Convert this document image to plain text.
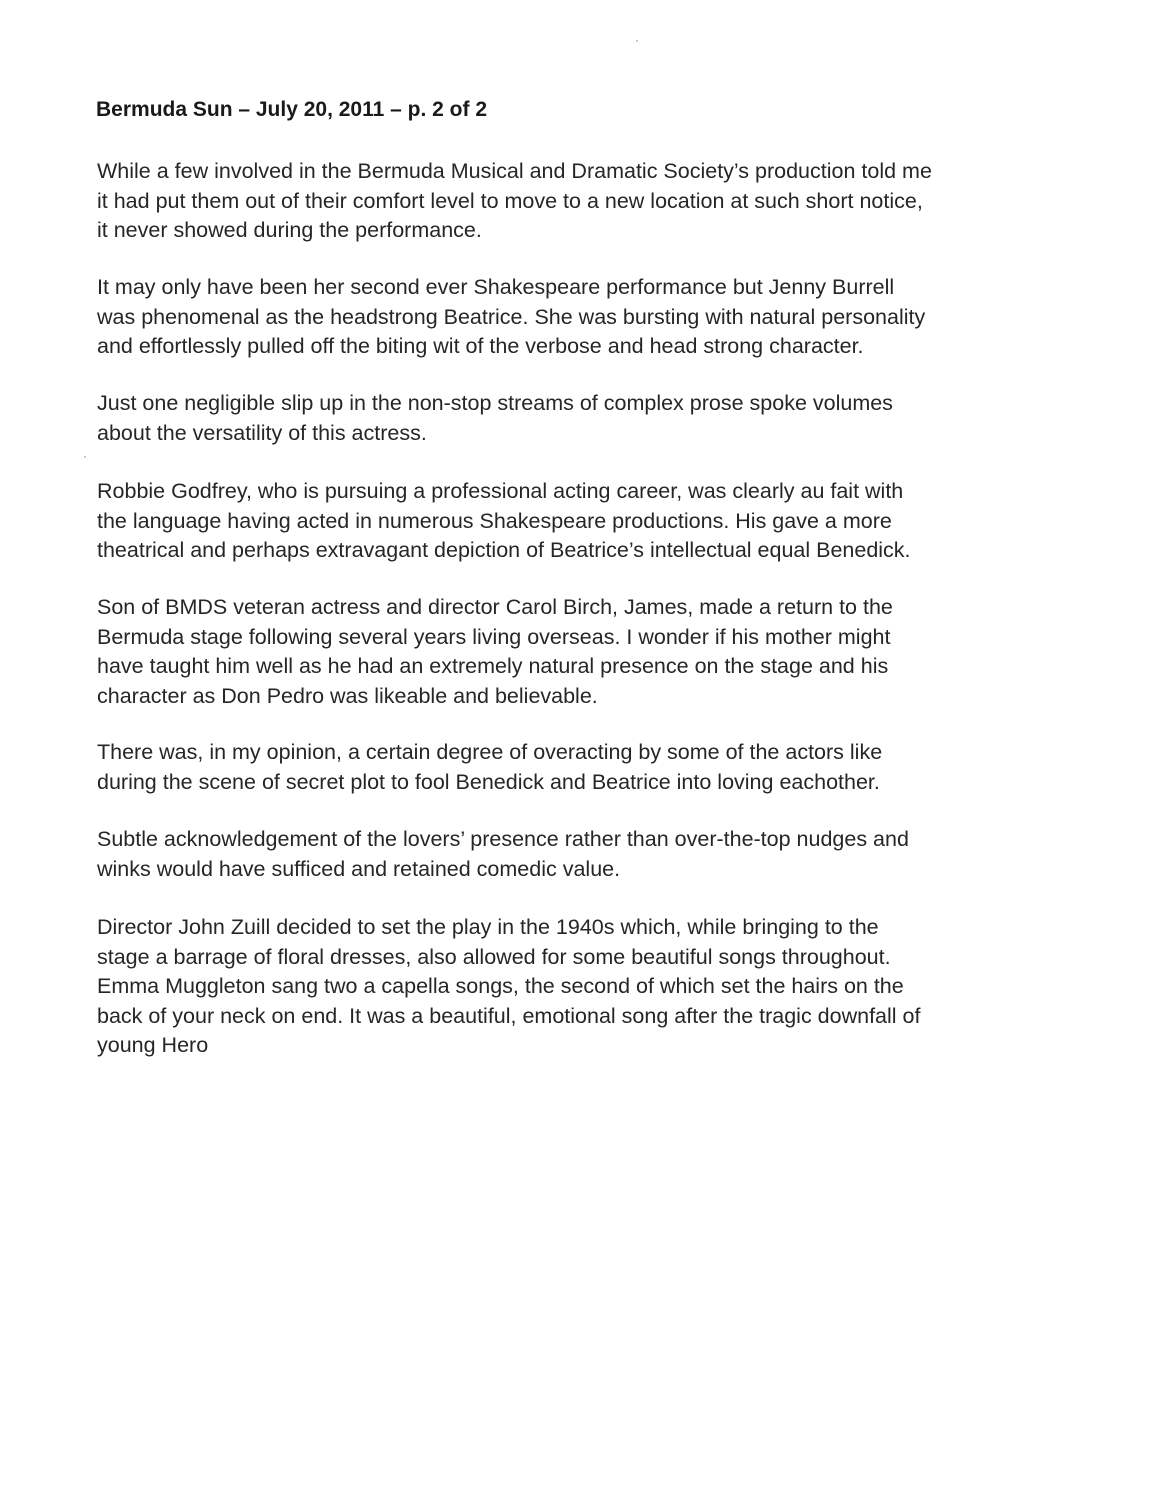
Bermuda Sun – July 20, 2011 – p. 2 of 2

While a few involved in the Bermuda Musical and Dramatic Society’s production told me
it had put them out of their comfort level to move to a new location at such short notice,
it never showed during the performance.

It may only have been her second ever Shakespeare performance but Jenny Burrell
was phenomenal as the headstrong Beatrice. She was bursting with natural personality
and effortlessly pulled off the biting wit of the verbose and head strong character.

Just one negligible slip up in the non-stop streams of complex prose spoke volumes
about the versatility of this actress.

Robbie Godfrey, who is pursuing a professional acting career, was clearly au fait with
the language having acted in numerous Shakespeare productions. His gave a more
theatrical and perhaps extravagant depiction of Beatrice’s intellectual equal Benedick.

Son of BMDS veteran actress and director Carol Birch, James, made a return to the
Bermuda stage following several years living overseas. I wonder if his mother might
have taught him well as he had an extremely natural presence on the stage and his
character as Don Pedro was likeable and believable.

There was, in my opinion, a certain degree of overacting by some of the actors like
during the scene of secret plot to fool Benedick and Beatrice into loving eachother.

Subtle acknowledgement of the lovers’ presence rather than over-the-top nudges and
winks would have sufficed and retained comedic value.

Director John Zuill decided to set the play in the 1940s which, while bringing to the
stage a barrage of floral dresses, also allowed for some beautiful songs throughout.
Emma Muggleton sang two a capella songs, the second of which set the hairs on the
back of your neck on end. It was a beautiful, emotional song after the tragic downfall of
young Hero
